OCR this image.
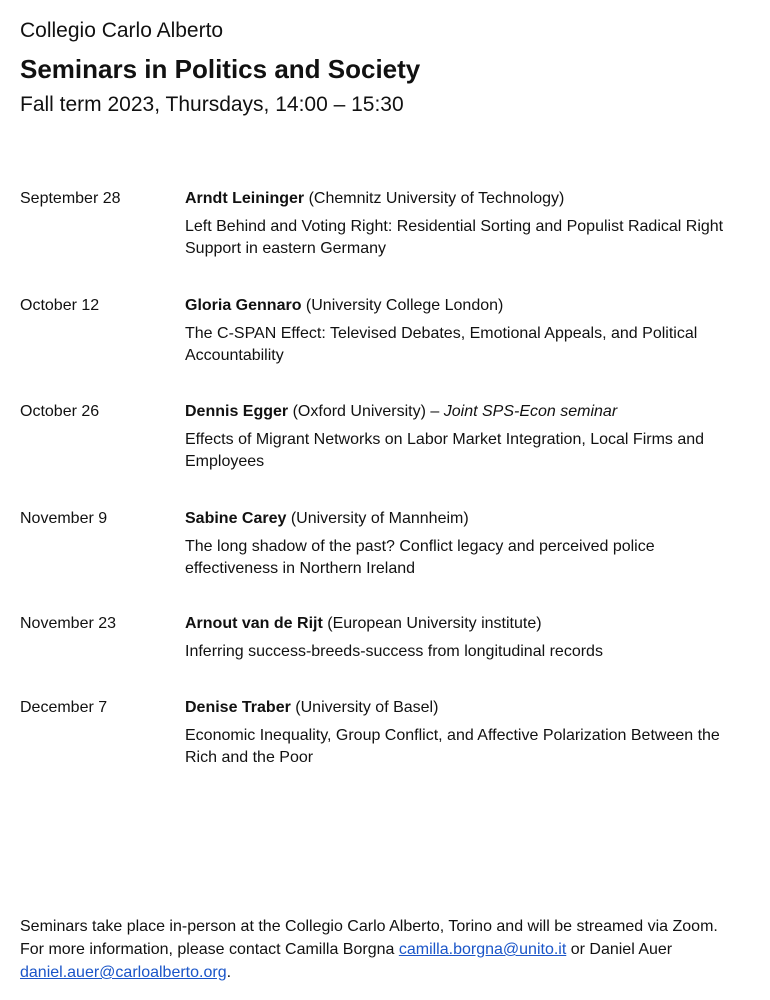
Collegio Carlo Alberto

Seminars in Politics and Society

Fall term 2023, Thursdays, 14:00 – 15:30

September 28	Arndt Leininger (Chemnitz University of Technology)

Left Behind and Voting Right: Residential Sorting and Populist Radical Right Support in eastern Germany

October 12	Gloria Gennaro (University College London)

The C-SPAN Effect: Televised Debates, Emotional Appeals, and Political Accountability

October 26	Dennis Egger (Oxford University) – Joint SPS-Econ seminar

Effects of Migrant Networks on Labor Market Integration, Local Firms and Employees

November 9	Sabine Carey (University of Mannheim)

The long shadow of the past? Conflict legacy and perceived police effectiveness in Northern Ireland

November 23	Arnout van de Rijt (European University institute)

Inferring success-breeds-success from longitudinal records

December 7	Denise Traber (University of Basel)

Economic Inequality, Group Conflict, and Affective Polarization Between the Rich and the Poor

Seminars take place in-person at the Collegio Carlo Alberto, Torino and will be streamed via Zoom. For more information, please contact Camilla Borgna camilla.borgna@unito.it or Daniel Auer daniel.auer@carloalberto.org.
